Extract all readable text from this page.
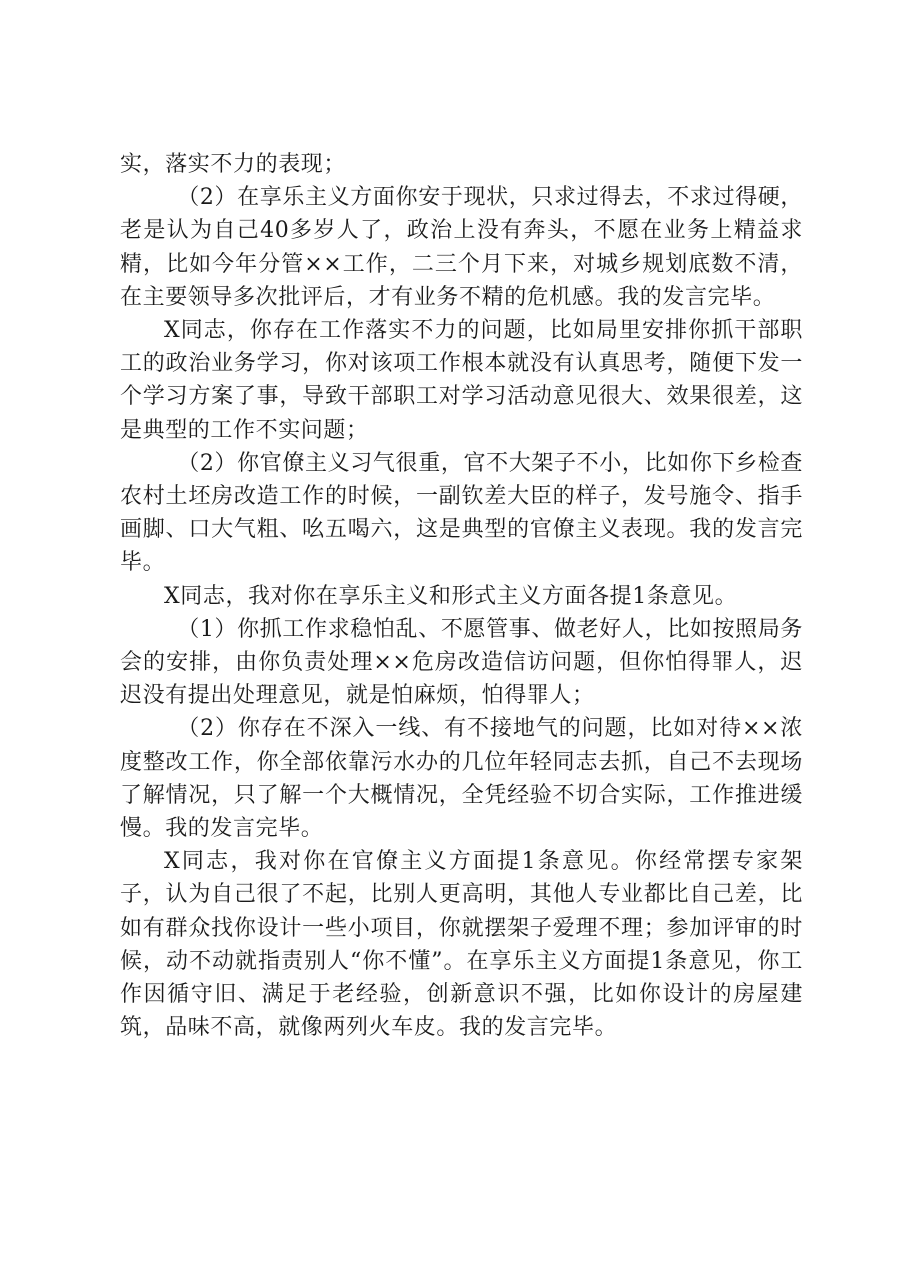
实，落实不力的表现；

（2）在享乐主义方面你安于现状，只求过得去，不求过得硬，老是认为自己40多岁人了，政治上没有奔头，不愿在业务上精益求精，比如今年分管××工作，二三个月下来，对城乡规划底数不清，在主要领导多次批评后，才有业务不精的危机感。我的发言完毕。

X同志，你存在工作落实不力的问题，比如局里安排你抓干部职工的政治业务学习，你对该项工作根本就没有认真思考，随便下发一个学习方案了事，导致干部职工对学习活动意见很大、效果很差，这是典型的工作不实问题；

（2）你官僚主义习气很重，官不大架子不小，比如你下乡检查农村土坯房改造工作的时候，一副钦差大臣的样子，发号施令、指手画脚、口大气粗、吆五喝六，这是典型的官僚主义表现。我的发言完毕。

X同志，我对你在享乐主义和形式主义方面各提1条意见。

（1）你抓工作求稳怕乱、不愿管事、做老好人，比如按照局务会的安排，由你负责处理××危房改造信访问题，但你怕得罪人，迟迟没有提出处理意见，就是怕麻烦，怕得罪人；

（2）你存在不深入一线、有不接地气的问题，比如对待××浓度整改工作，你全部依靠污水办的几位年轻同志去抓，自己不去现场了解情况，只了解一个大概情况，全凭经验不切合实际，工作推进缓慢。我的发言完毕。

X同志，我对你在官僚主义方面提1条意见。你经常摆专家架子，认为自己很了不起，比别人更高明，其他人专业都比自己差，比如有群众找你设计一些小项目，你就摆架子爱理不理；参加评审的时候，动不动就指责别人“你不懂”。在享乐主义方面提1条意见，你工作因循守旧、满足于老经验，创新意识不强，比如你设计的房屋建筑，品味不高，就像两列火车皮。我的发言完毕。
